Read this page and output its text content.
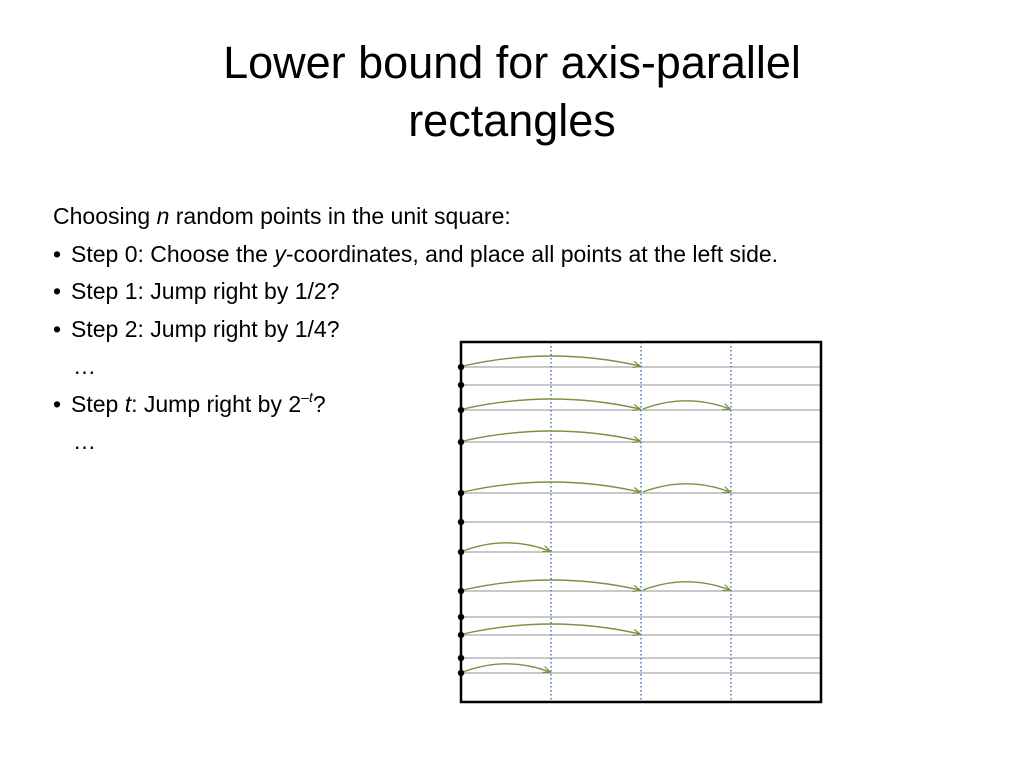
Lower bound for axis-parallel
rectangles
Choosing n random points in the unit square:
• Step 0: Choose the y-coordinates, and place all points at the left side.
• Step 1: Jump right by 1/2?
• Step 2: Jump right by 1/4?
…
• Step t: Jump right by $2^{-t}$?
…
